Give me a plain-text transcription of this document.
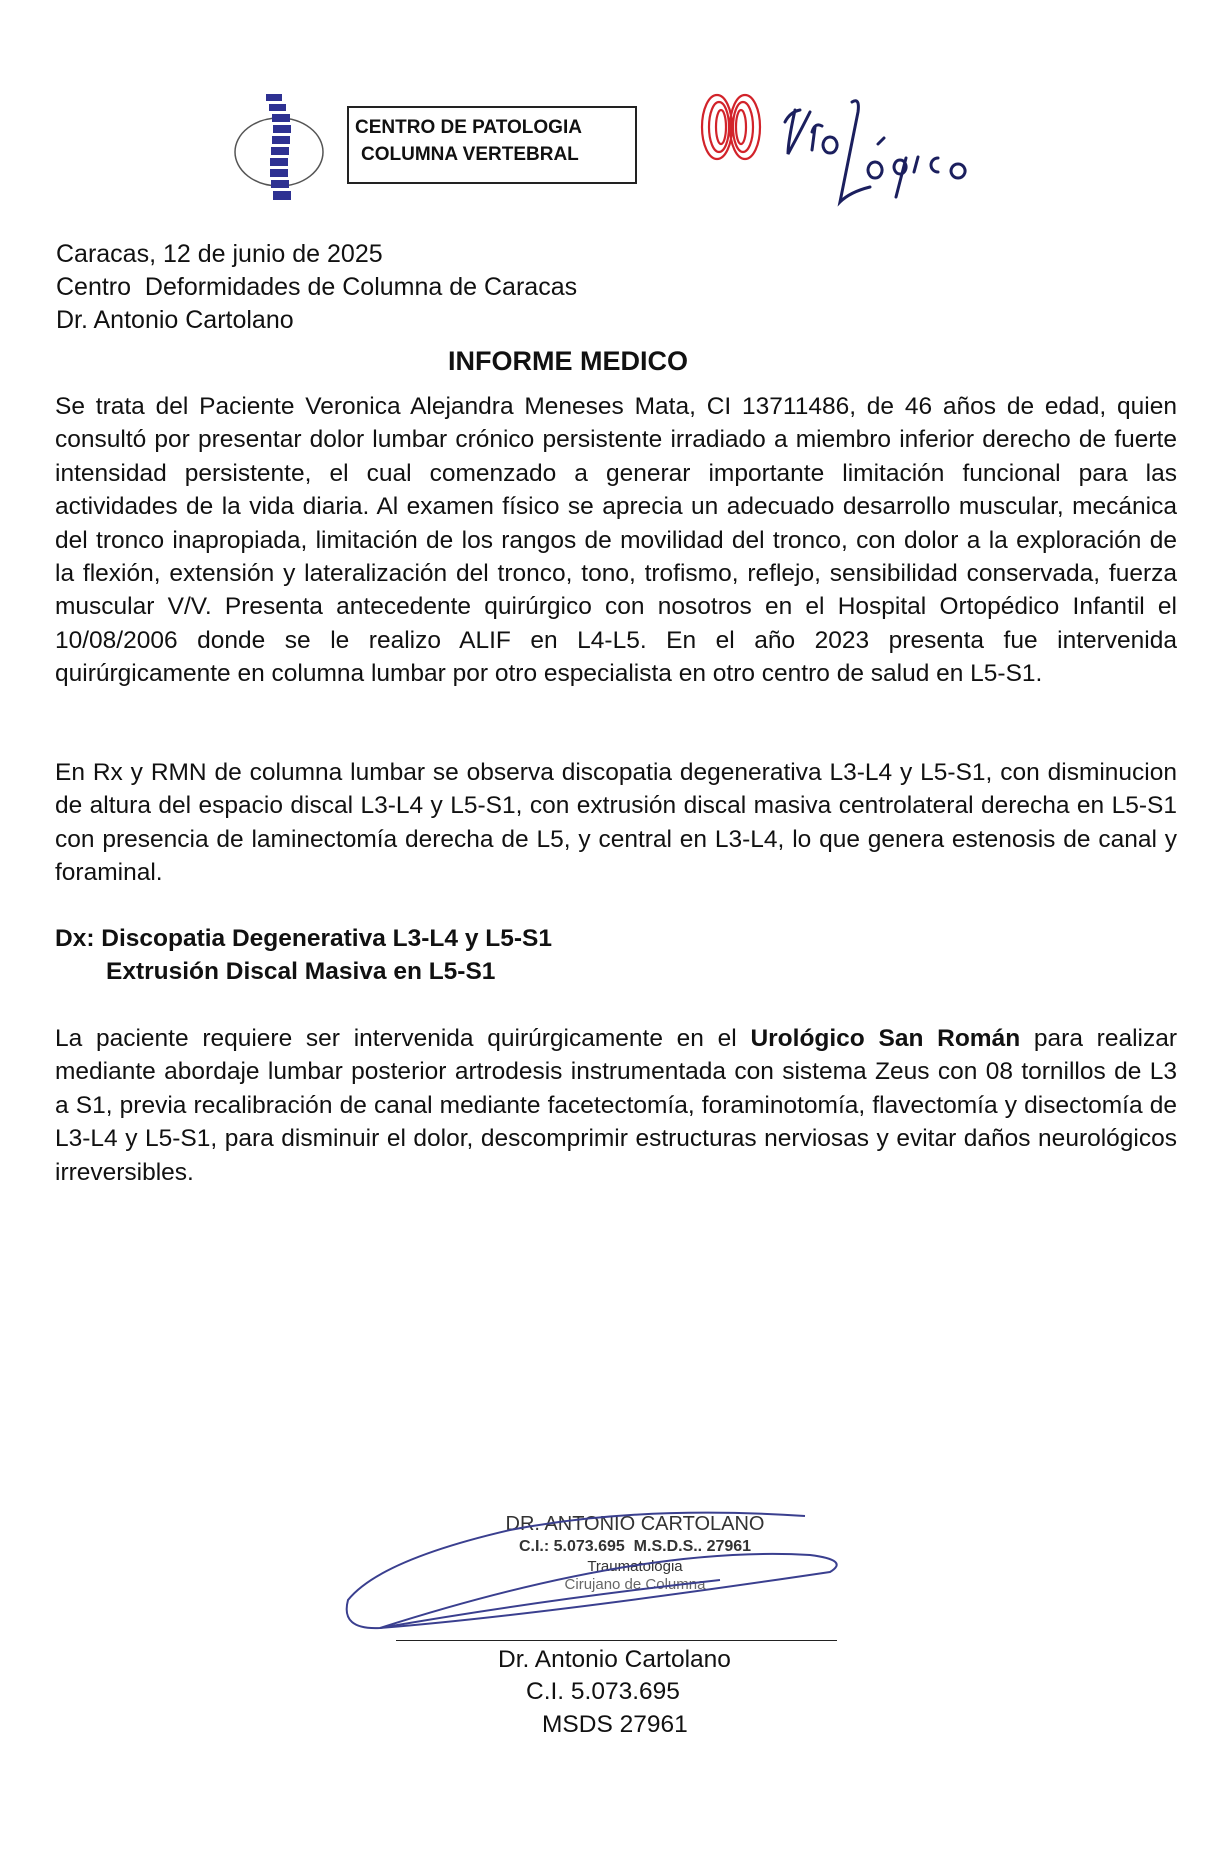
CENTRO DE PATOLOGIA
COLUMNA VERTEBRAL
Caracas, 12 de junio de 2025
Centro  Deformidades de Columna de Caracas
Dr. Antonio Cartolano
INFORME MEDICO

Se trata del Paciente Veronica Alejandra Meneses Mata, CI 13711486, de 46 años de edad, quien consultó por presentar dolor lumbar crónico persistente irradiado a miembro inferior derecho de fuerte intensidad persistente, el cual comenzado a generar importante limitación funcional para las actividades de la vida diaria. Al examen físico se aprecia un adecuado desarrollo muscular, mecánica del tronco inapropiada, limitación de los rangos de movilidad del tronco, con dolor a la exploración de la flexión, extensión y lateralización del tronco, tono, trofismo, reflejo, sensibilidad conservada, fuerza muscular V/V. Presenta antecedente quirúrgico con nosotros en el Hospital Ortopédico Infantil el 10/08/2006 donde se le realizo ALIF en L4-L5. En el año 2023 presenta fue intervenida quirúrgicamente en columna lumbar por otro especialista en otro centro de salud en L5-S1.

En Rx y RMN de columna lumbar se observa discopatia degenerativa L3-L4 y L5-S1, con disminucion de altura del espacio discal L3-L4 y L5-S1, con extrusión discal masiva centrolateral derecha en L5-S1 con presencia de laminectomía derecha de L5, y central en L3-L4, lo que genera estenosis de canal y foraminal.

Dx: Discopatia Degenerativa L3-L4 y L5-S1
Extrusión Discal Masiva en L5-S1

La paciente requiere ser intervenida quirúrgicamente en el Urológico San Román para realizar mediante abordaje lumbar posterior artrodesis instrumentada con sistema Zeus con 08 tornillos de L3 a S1, previa recalibración de canal mediante facetectomía, foraminotomía, flavectomía y disectomía de L3-L4 y L5-S1, para disminuir el dolor, descomprimir estructuras nerviosas y evitar daños neurológicos irreversibles.

DR. ANTONIO CARTOLANO
C.I.: 5.073.695  M.S.D.S.. 27961
Traumatologia
Cirujano de Columna
Dr. Antonio Cartolano
C.I. 5.073.695
MSDS 27961
